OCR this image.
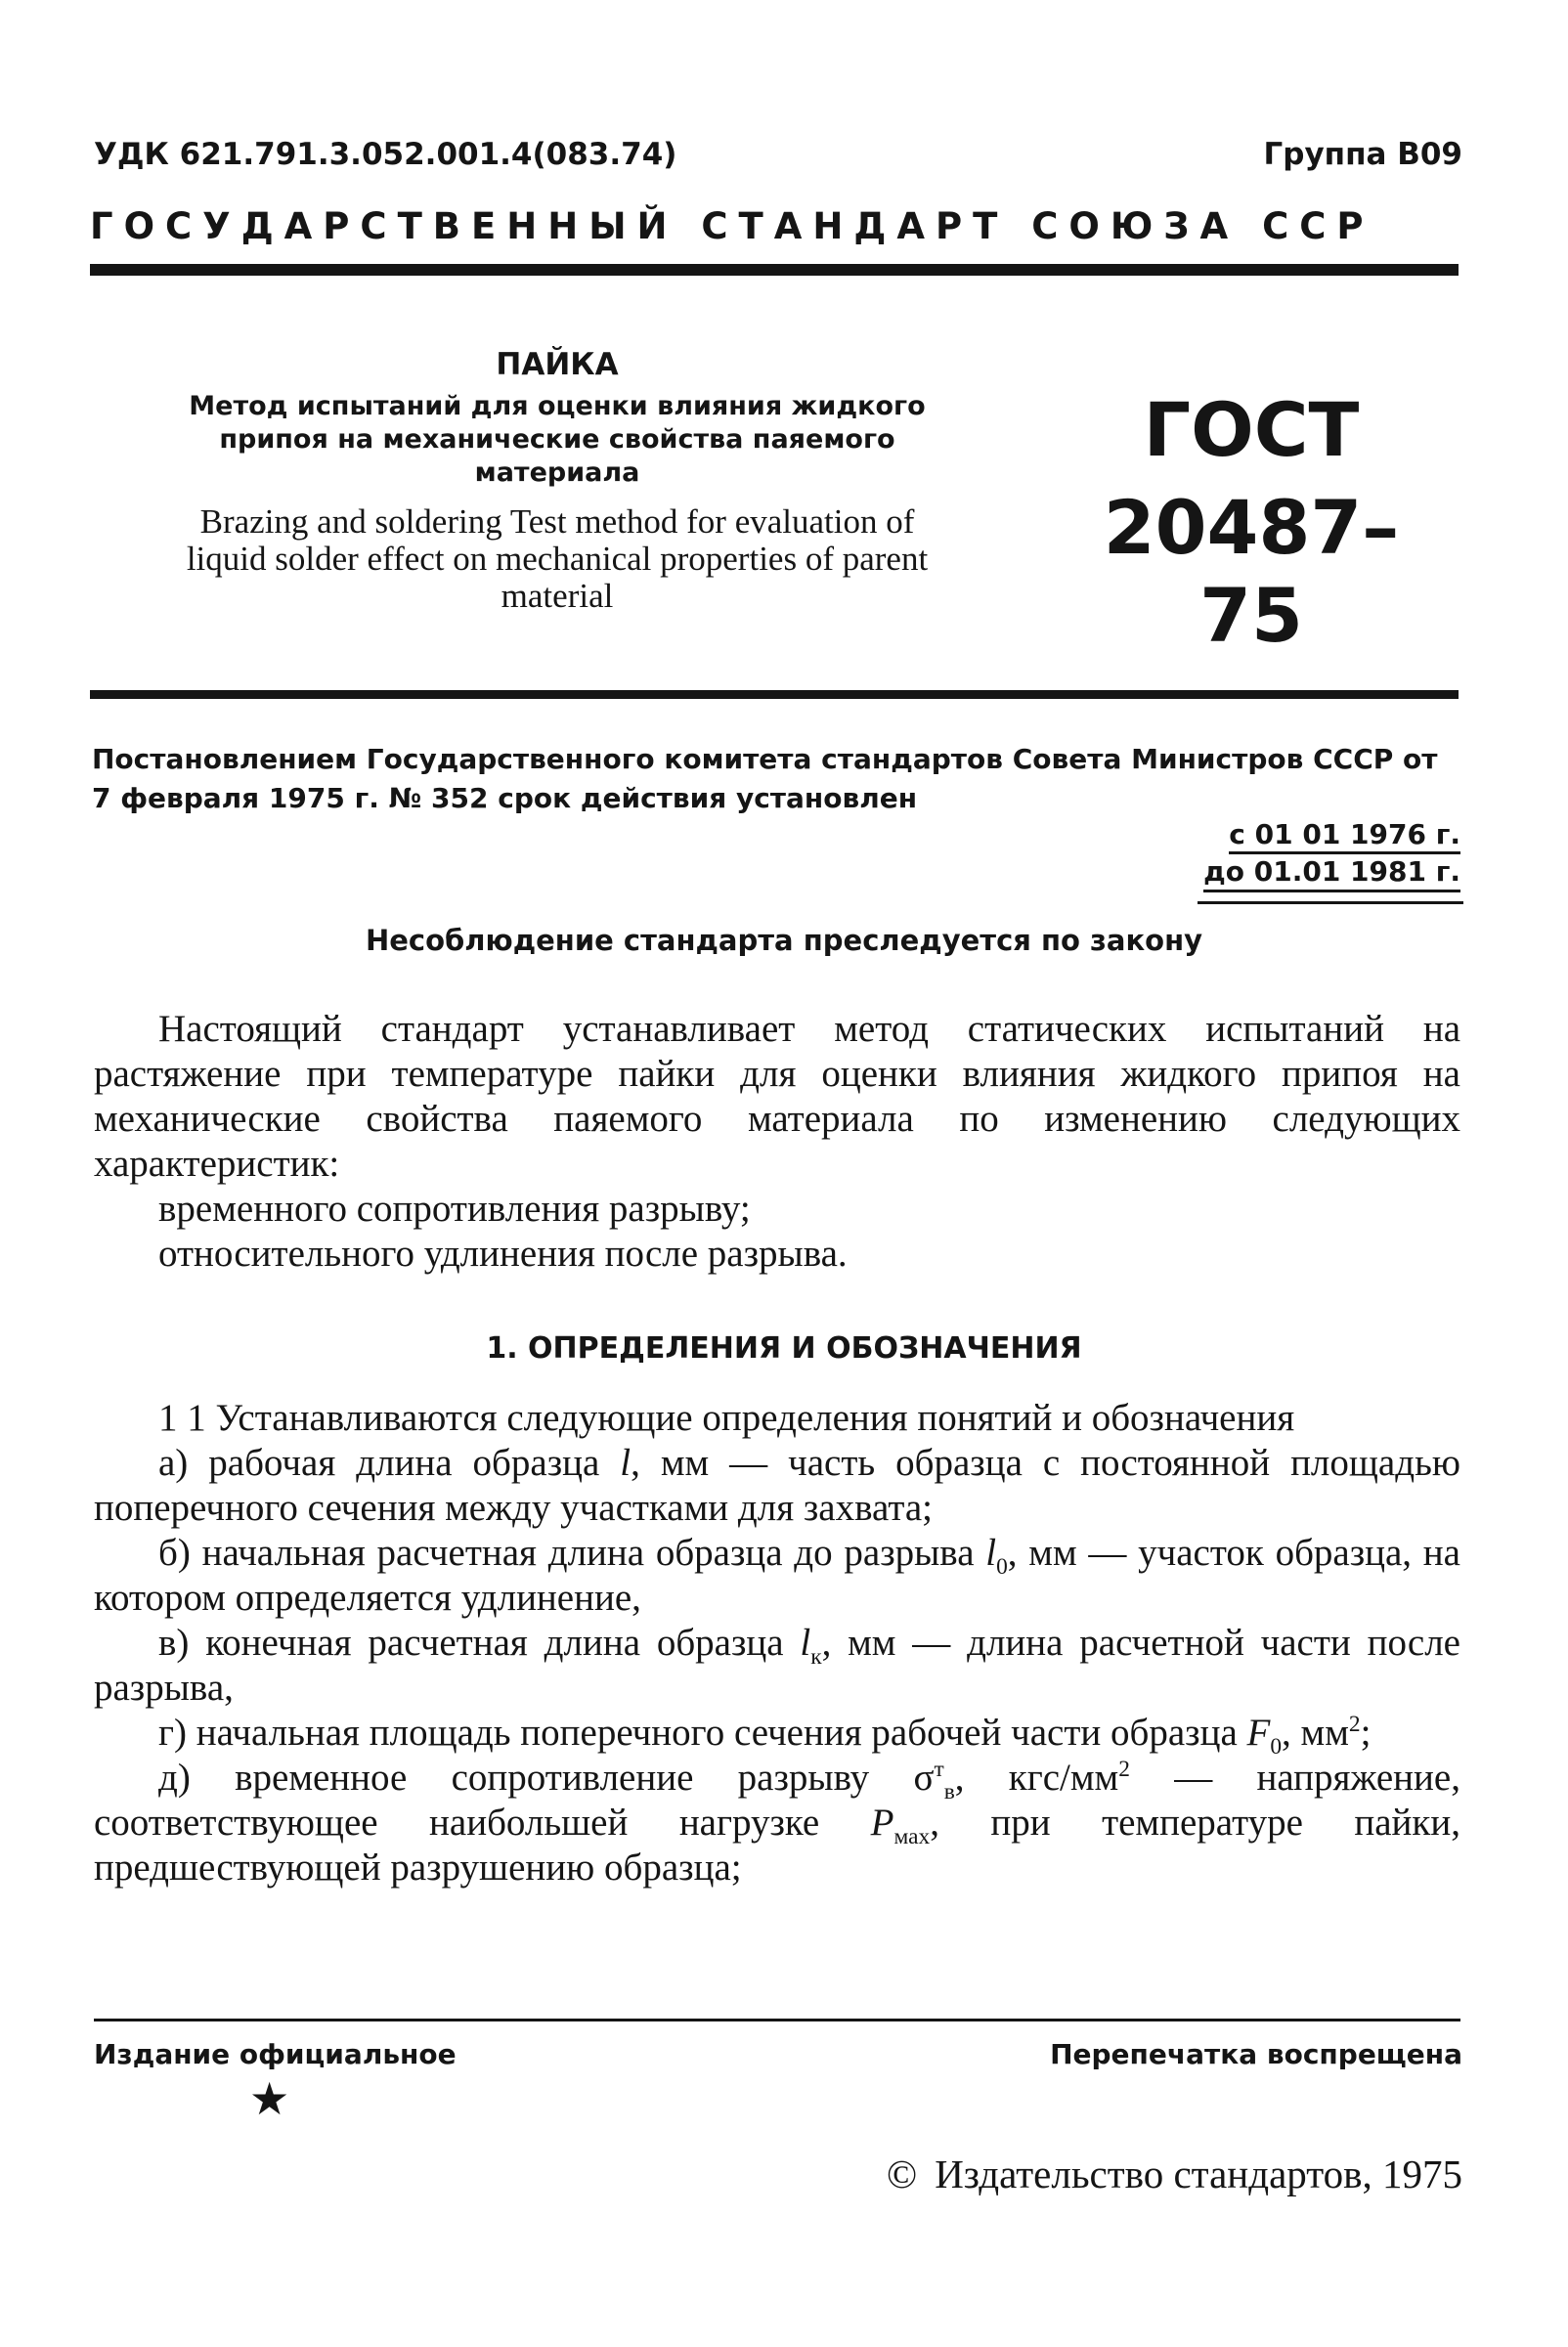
УДК 621.791.3.052.001.4(083.74)	Группа В09
ГОСУДАРСТВЕННЫЙ СТАНДАРТ СОЮЗА ССР

ПАЙКА

Метод испытаний для оценки влияния жидкого припоя на механические свойства паяемого материала

Brazing and soldering Test method for evaluation of liquid solder effect on mechanical properties of parent material

ГОСТ

20487–75

Постановлением Государственного комитета стандартов Совета Министров СССР от 7 февраля 1975 г. № 352 срок действия установлен
с 01 01 1976 г.
до 01.01 1981 г.
Несоблюдение стандарта преследуется по закону

Настоящий стандарт устанавливает метод статических испытаний на растяжение при температуре пайки для оценки влияния жидкого припоя на механические свойства паяемого материала по изменению следующих характеристик:

временного сопротивления разрыву;

относительного удлинения после разрыва.

1. ОПРЕДЕЛЕНИЯ И ОБОЗНАЧЕНИЯ

1 1 Устанавливаются следующие определения понятий и обозначения

а) рабочая длина образца l, мм — часть образца с постоянной площадью поперечного сечения между участками для захвата;

б) начальная расчетная длина образца до разрыва $l_0$, мм — участок образца, на котором определяется удлинение,

в) конечная расчетная длина образца $l_к$, мм — длина расчетной части после разрыва,

г) начальная площадь поперечного сечения рабочей части образца $F_0$, $мм^2$;

д) временное сопротивление разрыву $\sigma^т_в$, кгс/$мм^2$ — напряжение, соответствующее наибольшей нагрузке $P_{мах}$, при температуре пайки, предшествующей разрушению образца;

Издание официальное	Перепечатка воспрещена
★
© Издательство стандартов, 1975
